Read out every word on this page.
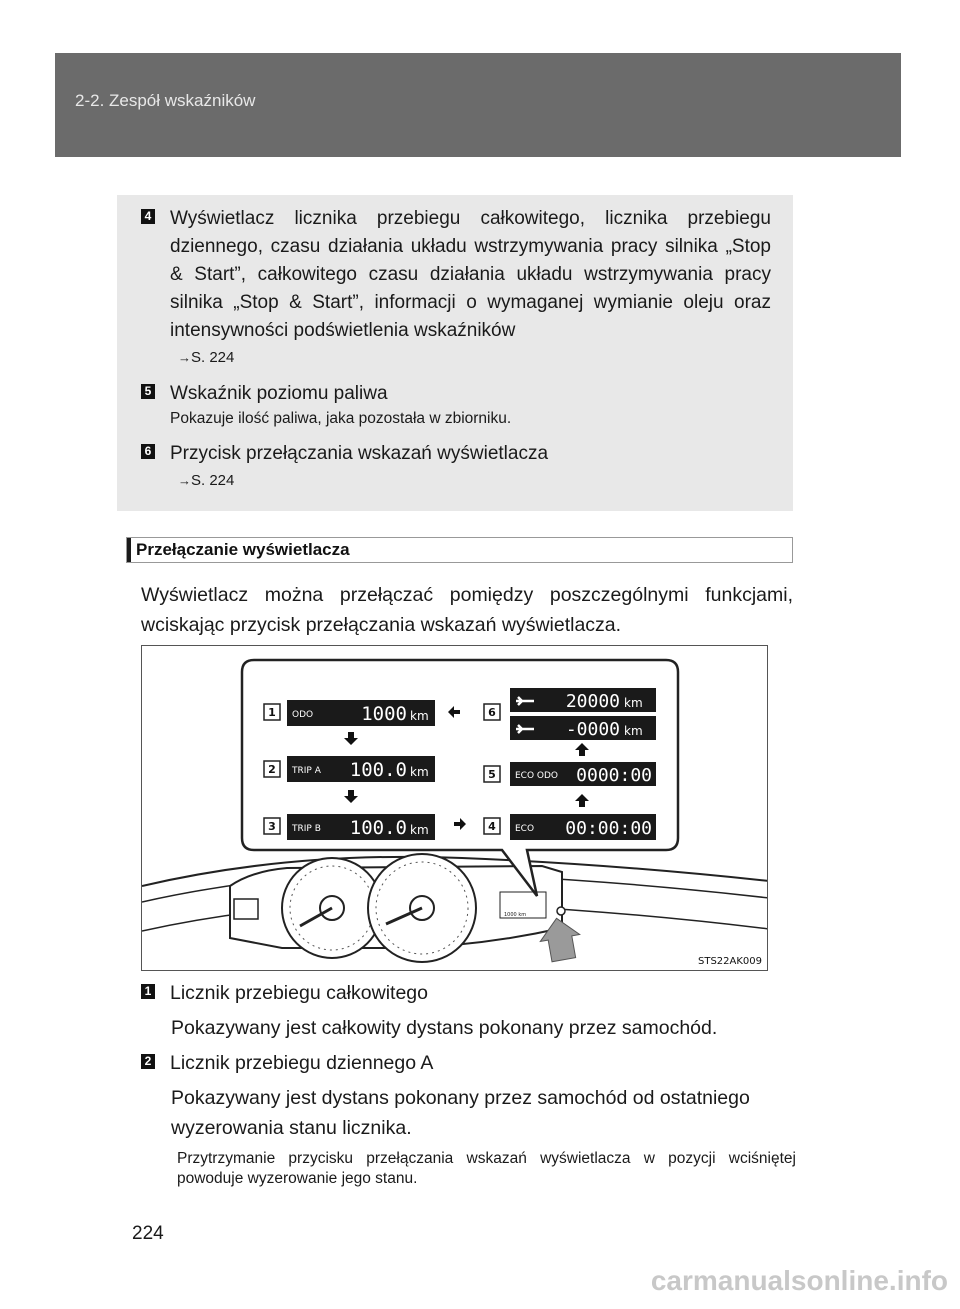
2-2. Zespół wskaźników
4 Wyświetlacz licznika przebiegu całkowitego, licznika przebiegu dziennego, czasu działania układu wstrzymywania pracy silnika „Stop & Start”, całkowitego czasu działania układu wstrzymywania pracy silnika „Stop & Start”, informacji o wymaganej wymianie oleju oraz intensywności podświetlenia wskaźników
→S. 224
5 Wskaźnik poziomu paliwa
Pokazuje ilość paliwa, jaka pozostała w zbiorniku.
6 Przycisk przełączania wskazań wyświetlacza
→S. 224
Przełączanie wyświetlacza
Wyświetlacz można przełączać pomiędzy poszczególnymi funkcjami, wciskając przycisk przełączania wskazań wyświetlacza.
1000 km
1 ODO	1000 km
2 TRIP A 100.0 km
3 TRIP B 100.0 km
6
20000 km
-0000 km
5 ECO ODO 0000:00
4 ECO 00:00:00
STS22AK009
1 Licznik przebiegu całkowitego
Pokazywany jest całkowity dystans pokonany przez samochód.
2 Licznik przebiegu dziennego A
Pokazywany jest dystans pokonany przez samochód od ostatniego wyzerowania stanu licznika.
Przytrzymanie przycisku przełączania wskazań wyświetlacza w pozycji wciśniętej powoduje wyzerowanie jego stanu.
224
carmanualsonline.info
